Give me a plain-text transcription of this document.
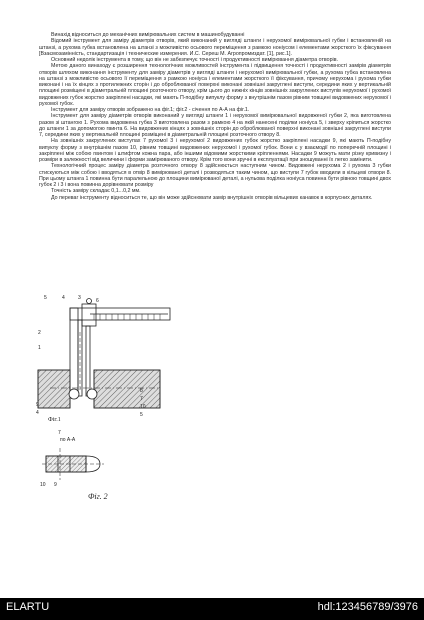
Винахід відноситься до механічних вимірювальних систем в машинобудуванні

Відомий інструмент для заміру діаметрів отворів, який виконаний у вигляді штанги і нерухомої вимірювальної губки і встановленій на штанзі, а рухома губка встановлена на штанзі з можливістю осьового переміщення з рамкою ноніусом і елементами жорсткого їх фіксування [Взаємозамінність, стандартизація і технические измерения. И.С. Сереш М. Агропромиздат. [1], рис.1].

Основний недолік інструмента в тому, що він не забезпечує точності і продуктивності вимірювання діаметра отворів.

Метою даного винаходу є розширення технологічних можливостей інструмента і підвищення точності і продуктивності замірів діаметрів отворів шляхом виконання інструменту для заміру діаметрів у вигляді штанги і нерухомої вимірювальної губки, а рухома губка встановлена на штанзі з можливістю осьового її переміщення з рамкою ноніуса і елементами жорсткого її фіксування, причому нерухома і рухома губки виконані і на їх кінцях з протилежних сторін і до оброблюваної поверхні виконані зовнішні закруглені виступи, середини яких у вертикальній площині розміщені в діаметральній площині розточного отвору, крім цього до нижніх кінців зовнішніх закруглених виступів нерухомої і рухомої видовжених губок жорстко закріплені насадки, які мають П-подібну випуклу форму з внутрішнім пазом рівним товщині видовжених нерухомої і рухомої губок.

Інструмент для заміру отворів зображено на фіг.1; фіг.2 - січення по А-А на фіг.1.

Інструмент для заміру діаметрів отворів виконаний у вигляді штанги 1 і нерухомої вимірювальної видовженої губки 2, яка виготовлена разом зі штангою 1. Рухома видовжена губка 3 виготовлена разом з рамкою 4 на якій нанесені поділки ноніуса 5, і зверху кріпиться жорстко до штанги 1 за допомогою гвинта 6. На видовжених кінцях з зовнішніх сторін до оброблюваної поверхні виконані зовнішні закруглені виступи 7, середини яких у вертикальній площині розміщені в діаметральній площині розточного отвору 8.

На зовнішніх закруглених виступах 7 рухомої 3 і нерухомої 2 видовжених губок жорстко закріплені насадки 9, які мають П-подібну випуклу форму з внутрішнім пазом 10, рівним товщині видовжених нерухомої і рухомої губок. Вони є у взаємодії по поперечній площині і закріплені між собою гвинтом і штифтом кожна пара, або іншими відомими жорсткими кріпленнями. Насадки 9 можуть мати різну кривизну і розміри в залежності від величини і форми замірюваного отвору. Крім того вони зручні в експлуатації при зношуванні їх легко замінити.

Технологічний процес заміру діаметра розточного отвору 8 здійснюється наступним чином. Видовжені нерухома 2 і рухома 3 губки стискуються між собою і вводяться в отвір 8 вимірюваної деталі і розводяться таким чином, що виступи 7 губок вводили в кільцеві отвори 8. При цьому штанга 1 повинна бути паралельною до площини вимірюваної деталі, а нульова поділка ноніуса повинна бути рівною товщині двох губок 2 і 3 і вона повинна дорівнювати розміру

Точність заміру складає 0,1...0,2 мм.

До переваг інструменту відноситься те, що він може здійснювати замір внутрішніх отворів вільцевих канавок в корпусних деталях.

5	4	3	6
2
1
8
7
9	10
5
4
Фіг.1
по А-А
7
10 9
Фіг. 2
ELARTU	hdl:123456789/3976
